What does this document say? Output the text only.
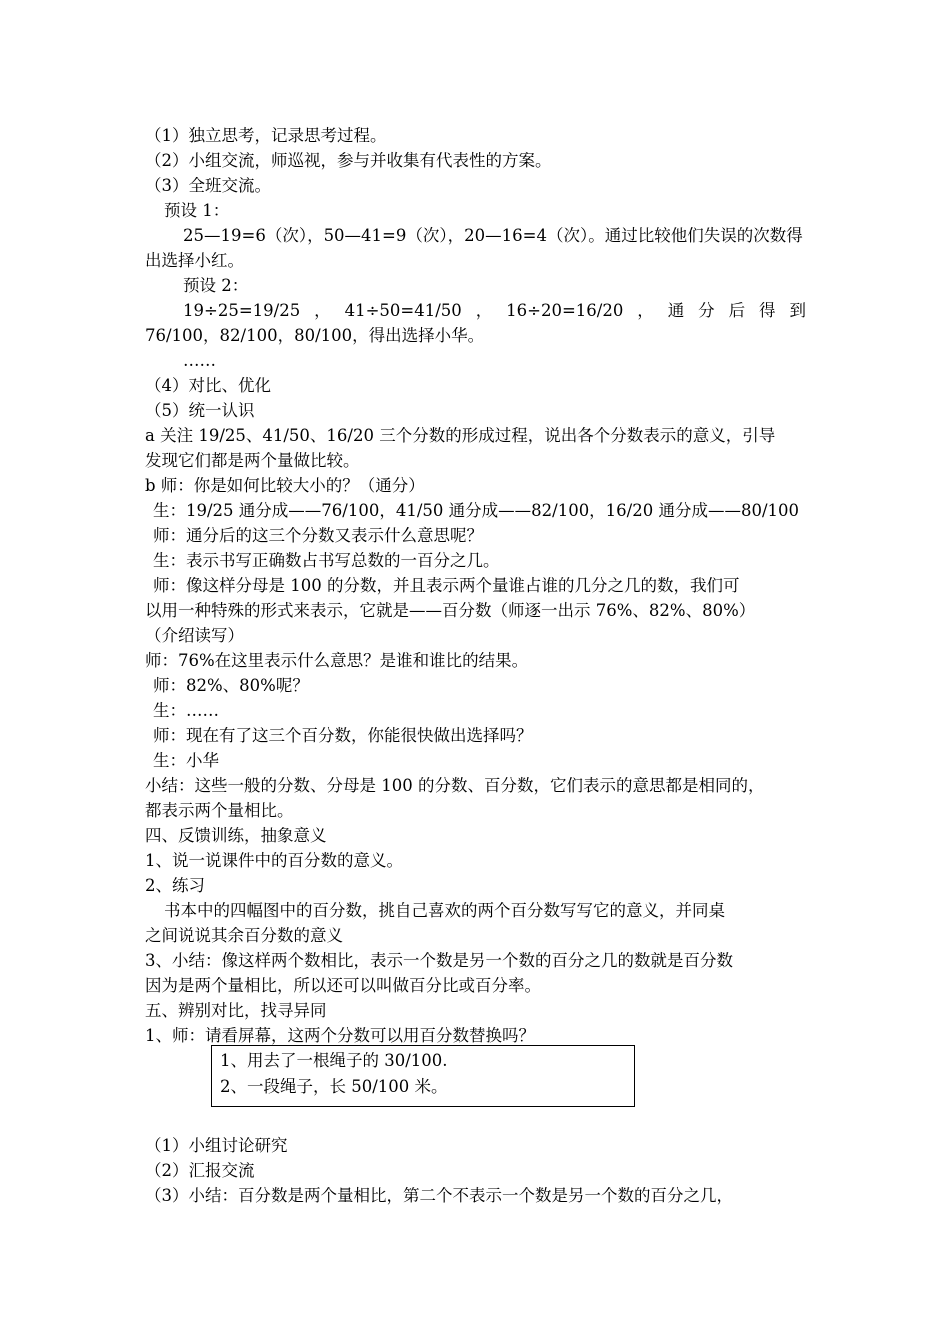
（1）独立思考，记录思考过程。
（2）小组交流，师巡视，参与并收集有代表性的方案。
（3）全班交流。
预设 1：
25—19=6（次），50—41=9（次），20—16=4（次）。通过比较他们失误的次数得
出选择小红。
预设 2：
19÷25=19/25 ， 41÷50=41/50 ， 16÷20=16/20 ， 通 分 后 得 到
76/100，82/100，80/100，得出选择小华。
……
（4）对比、优化
（5）统一认识
a 关注 19/25、41/50、16/20 三个分数的形成过程，说出各个分数表示的意义，引导
发现它们都是两个量做比较。
b 师：你是如何比较大小的？（通分）
生：19/25 通分成——76/100，41/50 通分成——82/100，16/20 通分成——80/100
师：通分后的这三个分数又表示什么意思呢？
生：表示书写正确数占书写总数的一百分之几。
师：像这样分母是 100 的分数，并且表示两个量谁占谁的几分之几的数，我们可
以用一种特殊的形式来表示，它就是——百分数（师逐一出示 76%、82%、80%）
（介绍读写）
师：76%在这里表示什么意思？是谁和谁比的结果。
师：82%、80%呢？
生：……
师：现在有了这三个百分数，你能很快做出选择吗？
生：小华
小结：这些一般的分数、分母是 100 的分数、百分数，它们表示的意思都是相同的，
都表示两个量相比。
四、反馈训练，抽象意义
1、说一说课件中的百分数的意义。
2、练习
书本中的四幅图中的百分数，挑自己喜欢的两个百分数写写它的意义，并同桌
之间说说其余百分数的意义
3、小结：像这样两个数相比，表示一个数是另一个数的百分之几的数就是百分数
因为是两个量相比，所以还可以叫做百分比或百分率。
五、辨别对比，找寻异同
1、师：请看屏幕，这两个分数可以用百分数替换吗？
1、用去了一根绳子的 30/100.
2、一段绳子，长 50/100 米。
（1）小组讨论研究
（2）汇报交流
（3）小结：百分数是两个量相比，第二个不表示一个数是另一个数的百分之几，
